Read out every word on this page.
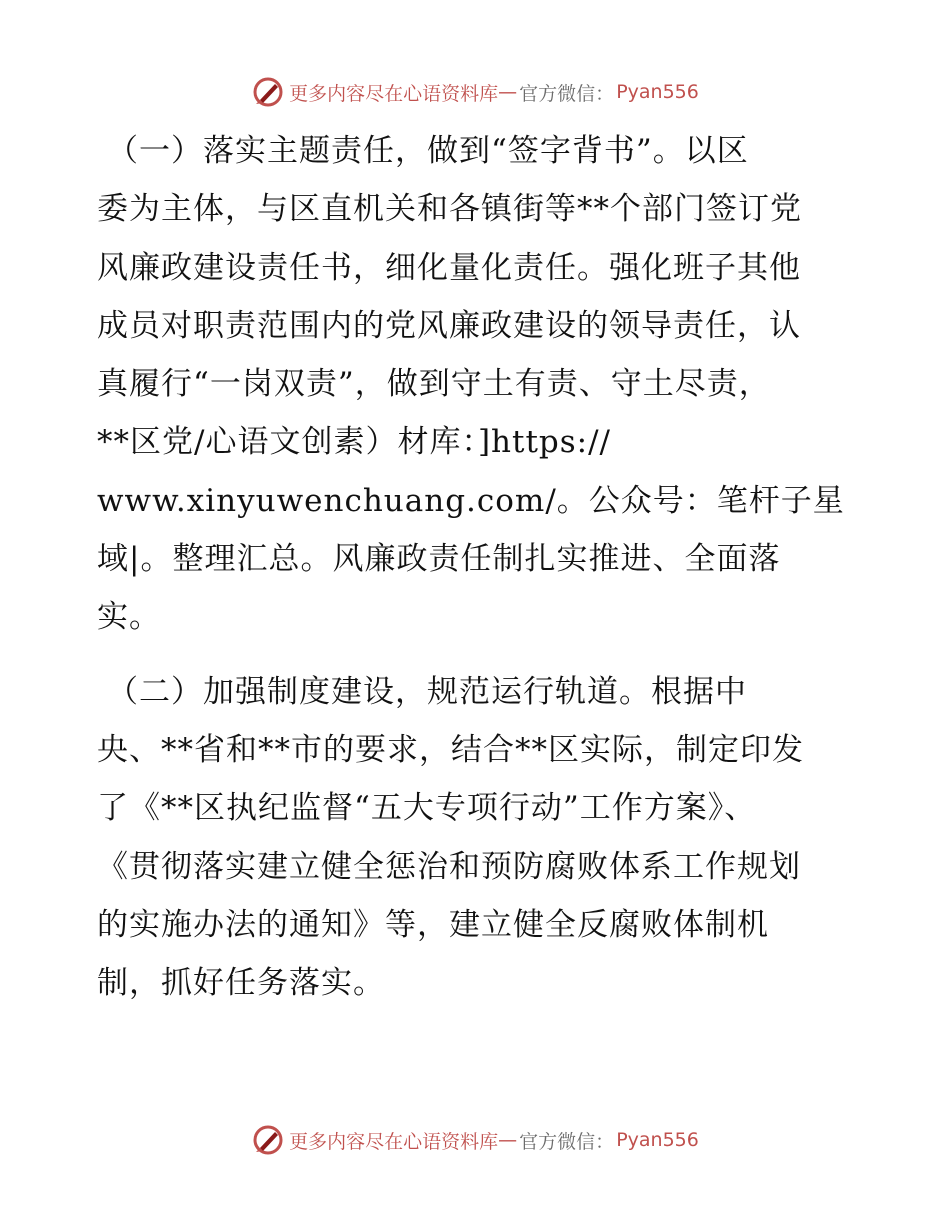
更多内容尽在心语资料库 — 官方微信： Pyan556

（一）落实主题责任，做到“签字背书”。以区
委为主体，与区直机关和各镇街等**个部门签订党
风廉政建设责任书，细化量化责任。强化班子其他
成员对职责范围内的党风廉政建设的领导责任，认
真履行“一岗双责”，做到守土有责、守土尽责，
**区党/心语文创素）材库：]https://
www.xinyuwenchuang.com/。公众号：笔杆子星
域|。整理汇总。风廉政责任制扎实推进、全面落
实。

（二）加强制度建设，规范运行轨道。根据中
央、**省和**市的要求，结合**区实际，制定印发
了《**区执纪监督“五大专项行动”工作方案》、
《贯彻落实建立健全惩治和预防腐败体系工作规划
的实施办法的通知》等，建立健全反腐败体制机
制，抓好任务落实。

更多内容尽在心语资料库 — 官方微信： Pyan556
